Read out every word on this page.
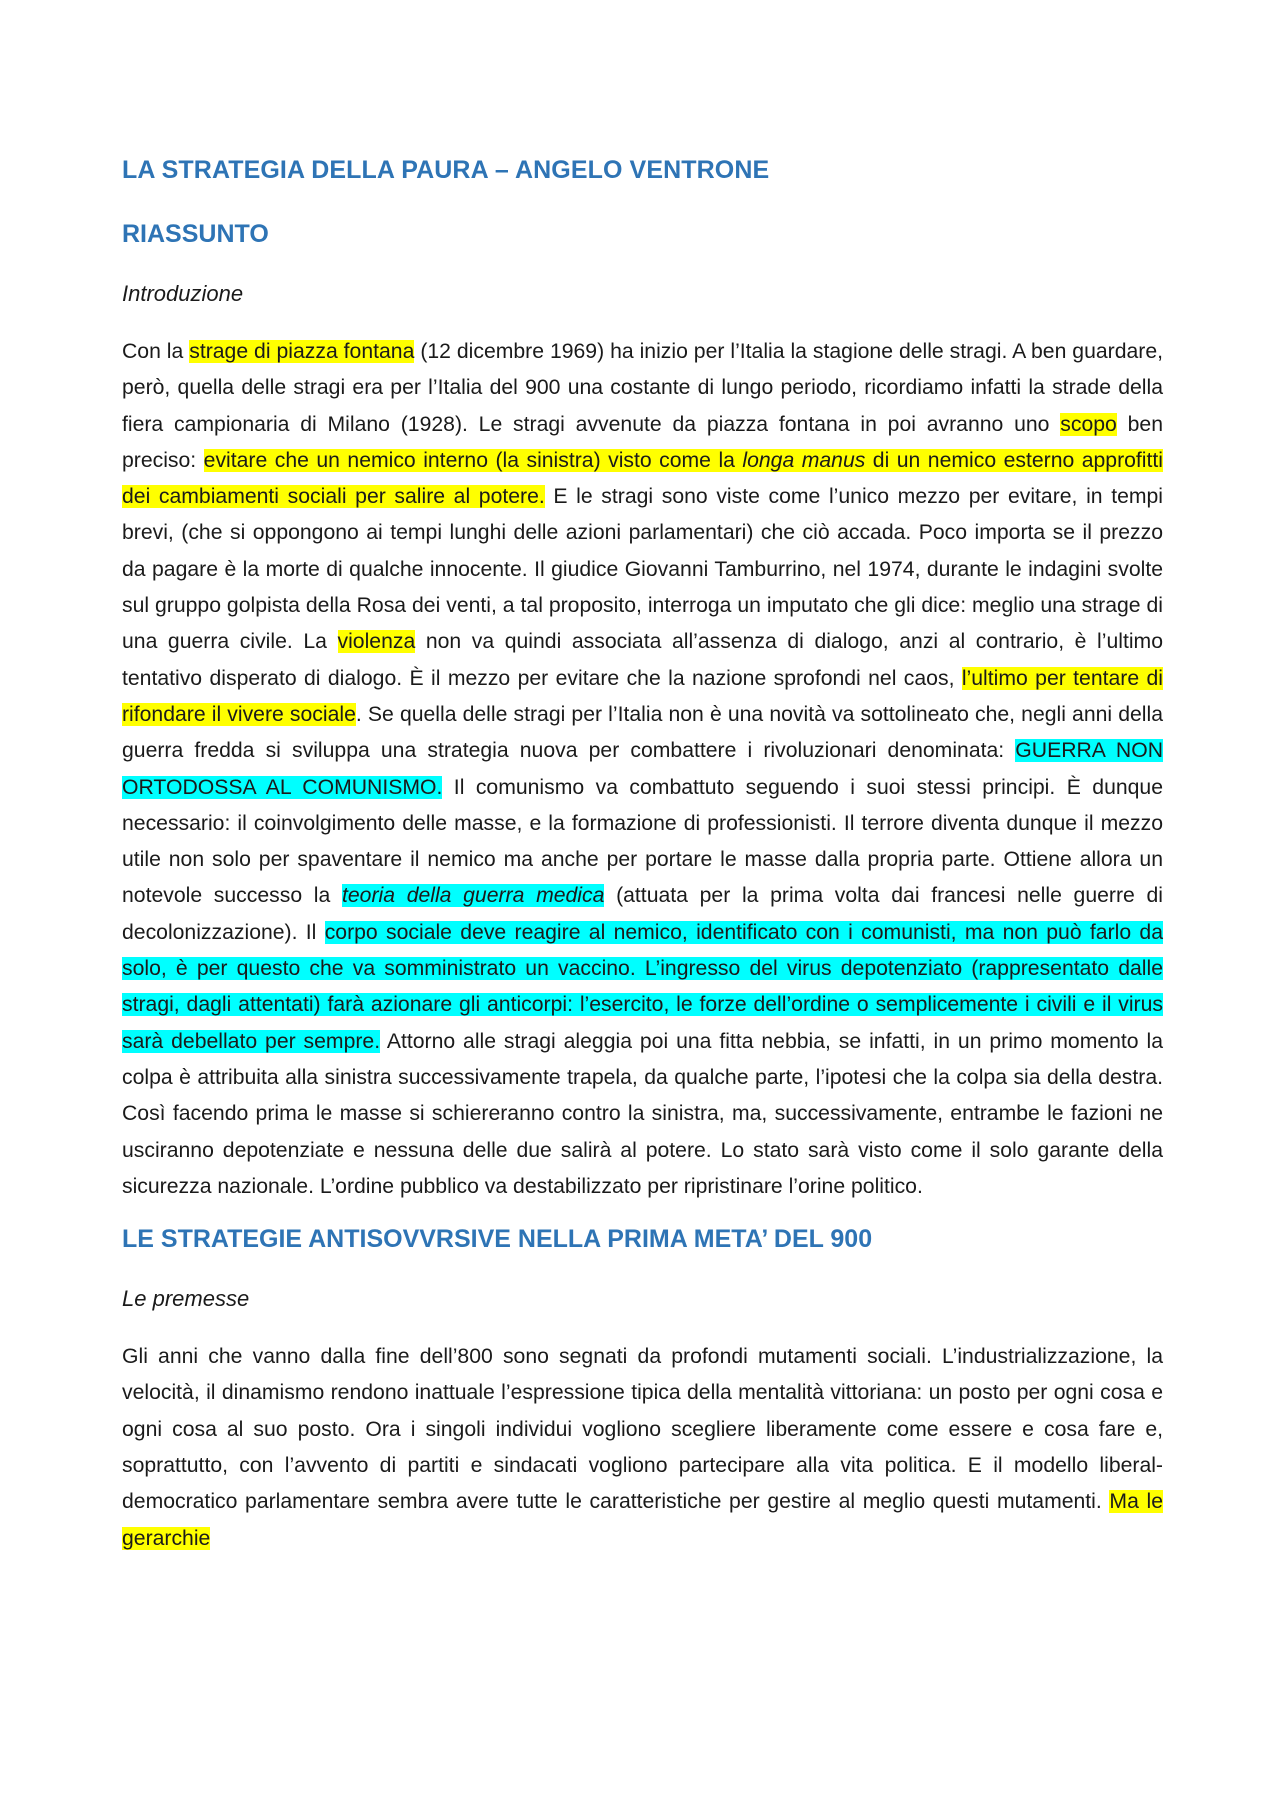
LA STRATEGIA DELLA PAURA – ANGELO VENTRONE
RIASSUNTO

Introduzione

Con la strage di piazza fontana (12 dicembre 1969) ha inizio per l’Italia la stagione delle stragi. A ben guardare, però, quella delle stragi era per l’Italia del 900 una costante di lungo periodo, ricordiamo infatti la strade della fiera campionaria di Milano (1928). Le stragi avvenute da piazza fontana in poi avranno uno scopo ben preciso: evitare che un nemico interno (la sinistra) visto come la longa manus di un nemico esterno approfitti dei cambiamenti sociali per salire al potere. E le stragi sono viste come l’unico mezzo per evitare, in tempi brevi, (che si oppongono ai tempi lunghi delle azioni parlamentari) che ciò accada. Poco importa se il prezzo da pagare è la morte di qualche innocente. Il giudice Giovanni Tamburrino, nel 1974, durante le indagini svolte sul gruppo golpista della Rosa dei venti, a tal proposito, interroga un imputato che gli dice: meglio una strage di una guerra civile. La violenza non va quindi associata all’assenza di dialogo, anzi al contrario, è l’ultimo tentativo disperato di dialogo. È il mezzo per evitare che la nazione sprofondi nel caos, l’ultimo per tentare di rifondare il vivere sociale. Se quella delle stragi per l’Italia non è una novità va sottolineato che, negli anni della guerra fredda si sviluppa una strategia nuova per combattere i rivoluzionari denominata: GUERRA NON ORTODOSSA AL COMUNISMO. Il comunismo va combattuto seguendo i suoi stessi principi. È dunque necessario: il coinvolgimento delle masse, e la formazione di professionisti. Il terrore diventa dunque il mezzo utile non solo per spaventare il nemico ma anche per portare le masse dalla propria parte. Ottiene allora un notevole successo la teoria della guerra medica (attuata per la prima volta dai francesi nelle guerre di decolonizzazione). Il corpo sociale deve reagire al nemico, identificato con i comunisti, ma non può farlo da solo, è per questo che va somministrato un vaccino. L’ingresso del virus depotenziato (rappresentato dalle stragi, dagli attentati) farà azionare gli anticorpi: l’esercito, le forze dell’ordine o semplicemente i civili e il virus sarà debellato per sempre. Attorno alle stragi aleggia poi una fitta nebbia, se infatti, in un primo momento la colpa è attribuita alla sinistra successivamente trapela, da qualche parte, l’ipotesi che la colpa sia della destra. Così facendo prima le masse si schiereranno contro la sinistra, ma, successivamente, entrambe le fazioni ne usciranno depotenziate e nessuna delle due salirà al potere. Lo stato sarà visto come il solo garante della sicurezza nazionale. L’ordine pubblico va destabilizzato per ripristinare l’orine politico.

LE STRATEGIE ANTISOVVRSIVE NELLA PRIMA META’ DEL 900

Le premesse

Gli anni che vanno dalla fine dell’800 sono segnati da profondi mutamenti sociali. L’industrializzazione, la velocità, il dinamismo rendono inattuale l’espressione tipica della mentalità vittoriana: un posto per ogni cosa e ogni cosa al suo posto. Ora i singoli individui vogliono scegliere liberamente come essere e cosa fare e, soprattutto, con l’avvento di partiti e sindacati vogliono partecipare alla vita politica. E il modello liberal-democratico parlamentare sembra avere tutte le caratteristiche per gestire al meglio questi mutamenti. Ma le gerarchie
